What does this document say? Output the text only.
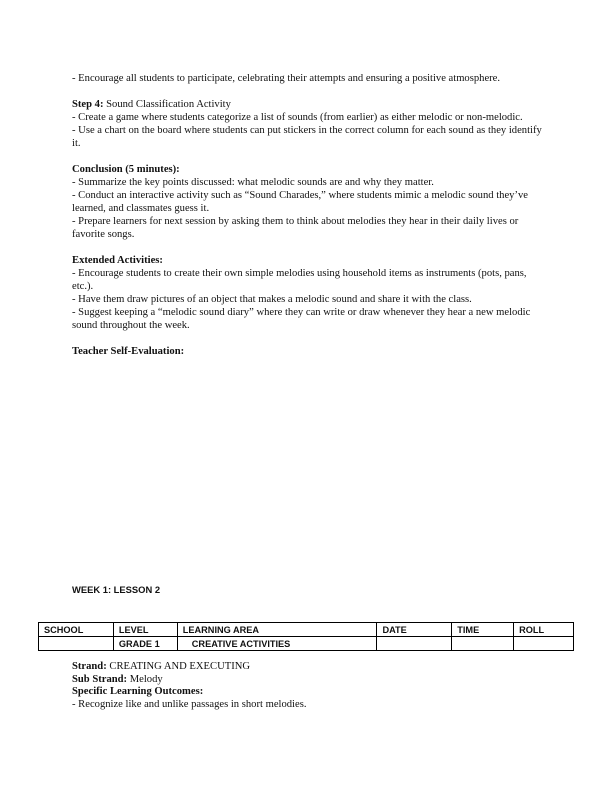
- Encourage all students to participate, celebrating their attempts and ensuring a positive atmosphere.

Step 4: Sound Classification Activity

- Create a game where students categorize a list of sounds (from earlier) as either melodic or non-melodic.

- Use a chart on the board where students can put stickers in the correct column for each sound as they identify it.

Conclusion (5 minutes):

- Summarize the key points discussed: what melodic sounds are and why they matter.

- Conduct an interactive activity such as “Sound Charades,” where students mimic a melodic sound they’ve learned, and classmates guess it.

- Prepare learners for next session by asking them to think about melodies they hear in their daily lives or favorite songs.

Extended Activities:

- Encourage students to create their own simple melodies using household items as instruments (pots, pans, etc.).

- Have them draw pictures of an object that makes a melodic sound and share it with the class.

- Suggest keeping a “melodic sound diary” where they can write or draw whenever they hear a new melodic sound throughout the week.

Teacher Self-Evaluation:

WEEK 1: LESSON 2
SCHOOL	LEVEL	LEARNING AREA	DATE	TIME	ROLL
	GRADE 1	CREATIVE ACTIVITIES			

Strand: CREATING AND EXECUTING

Sub Strand: Melody

Specific Learning Outcomes:

- Recognize like and unlike passages in short melodies.
